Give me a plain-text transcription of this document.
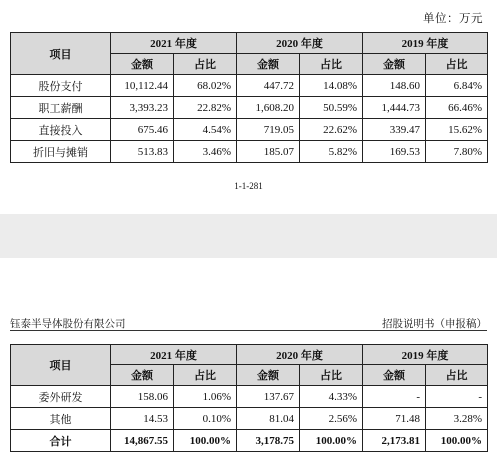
单位：万元
项目	2021 年度		2020 年度		2019 年度	
	金额	占比	金额	占比	金额	占比
股份支付	10,112.44	68.02%	447.72	14.08%	148.60	6.84%
职工薪酬	3,393.23	22.82%	1,608.20	50.59%	1,444.73	66.46%
直接投入	675.46	4.54%	719.05	22.62%	339.47	15.62%
折旧与摊销	513.83	3.46%	185.07	5.82%	169.53	7.80%
1-1-281
钰泰半导体股份有限公司	招股说明书（申报稿）
项目	2021 年度		2020 年度		2019 年度	
	金额	占比	金额	占比	金额	占比
委外研发	158.06	1.06%	137.67	4.33%	-	-
其他	14.53	0.10%	81.04	2.56%	71.48	3.28%
合计	14,867.55	100.00%	3,178.75	100.00%	2,173.81	100.00%
